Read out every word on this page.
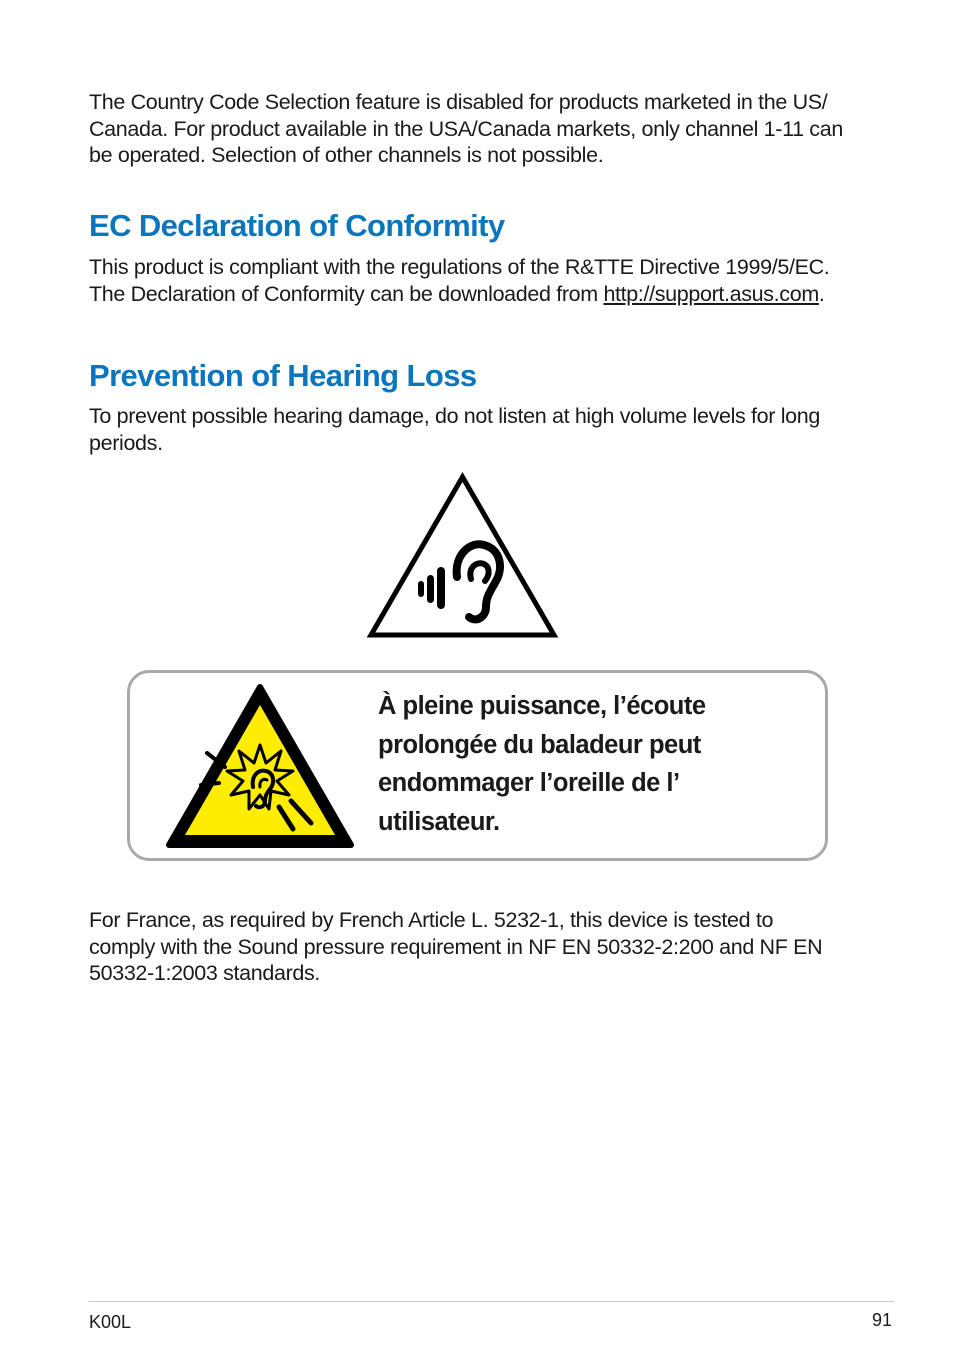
The Country Code Selection feature is disabled for products marketed in the US/
Canada. For product available in the USA/Canada markets, only channel 1-11 can
be operated. Selection of other channels is not possible.

EC Declaration of Conformity

This product is compliant with the regulations of the R&TTE Directive 1999/5/EC.
The Declaration of Conformity can be downloaded from http://support.asus.com.

Prevention of Hearing Loss

To prevent possible hearing damage, do not listen at high volume levels for long
periods.

À pleine puissance, l’écoute
prolongée du baladeur peut
endommager l’oreille de l’
utilisateur.

For France, as required by French Article L. 5232-1, this device is tested to
comply with the Sound pressure requirement in NF EN 50332-2:200 and NF EN
50332-1:2003 standards.

K00L	91
